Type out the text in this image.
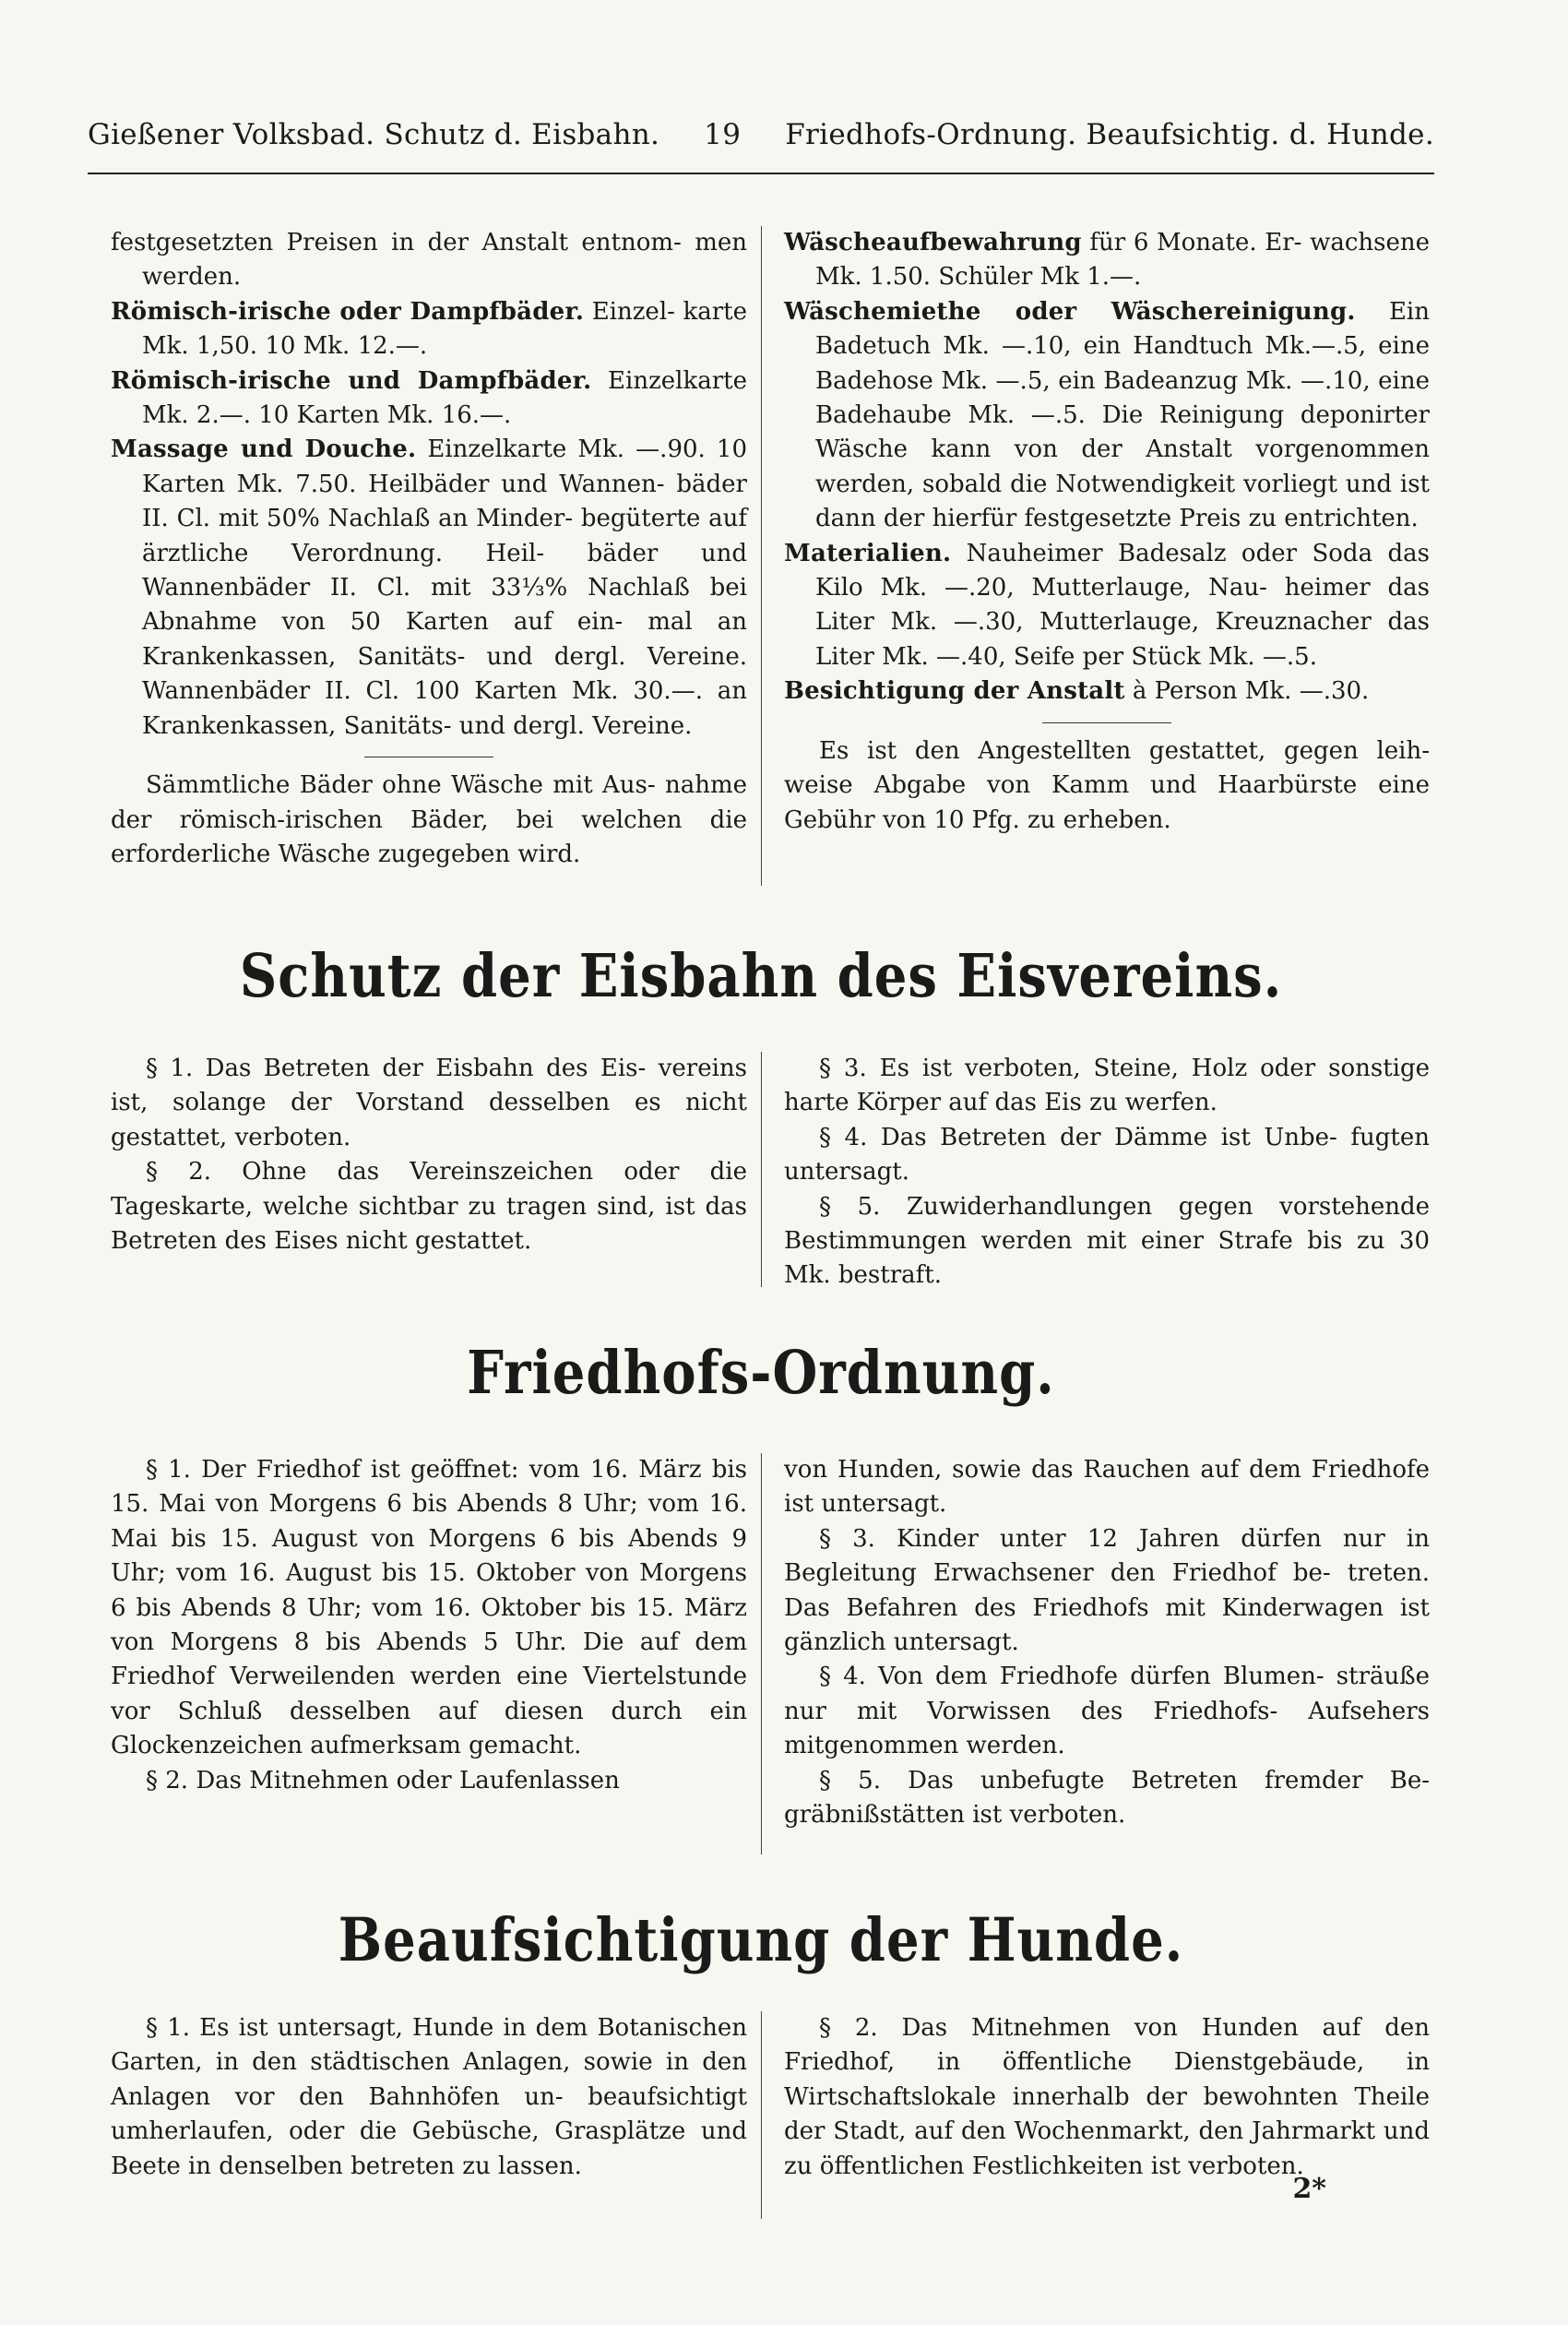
Gießener Volksbad. Schutz d. Eisbahn. 19 Friedhofs-Ordnung. Beaufsichtig. d. Hunde.

festgesetzten Preisen in der Anstalt entnom- men werden.

Römisch-irische oder Dampfbäder. Einzel- karte Mk. 1,50. 10 Mk. 12.—.

Römisch-irische und Dampfbäder. Einzelkarte Mk. 2.—. 10 Karten Mk. 16.—.

Massage und Douche. Einzelkarte Mk. —.90. 10 Karten Mk. 7.50. Heilbäder und Wannen- bäder II. Cl. mit 50% Nachlaß an Minder- begüterte auf ärztliche Verordnung. Heil- bäder und Wannenbäder II. Cl. mit 33⅓% Nachlaß bei Abnahme von 50 Karten auf ein- mal an Krankenkassen, Sanitäts- und dergl. Vereine. Wannenbäder II. Cl. 100 Karten Mk. 30.—. an Krankenkassen, Sanitäts- und dergl. Vereine.

Sämmtliche Bäder ohne Wäsche mit Aus- nahme der römisch-irischen Bäder, bei welchen die erforderliche Wäsche zugegeben wird.

Wäscheaufbewahrung für 6 Monate. Er- wachsene Mk. 1.50. Schüler Mk 1.—.

Wäschemiethe oder Wäschereinigung. Ein Badetuch Mk. —.10, ein Handtuch Mk.—.5, eine Badehose Mk. —.5, ein Badeanzug Mk. —.10, eine Badehaube Mk. —.5. Die Reinigung deponirter Wäsche kann von der Anstalt vorgenommen werden, sobald die Notwendigkeit vorliegt und ist dann der hierfür festgesetzte Preis zu entrichten.

Materialien. Nauheimer Badesalz oder Soda das Kilo Mk. —.20, Mutterlauge, Nau- heimer das Liter Mk. —.30, Mutterlauge, Kreuznacher das Liter Mk. —.40, Seife per Stück Mk. —.5.

Besichtigung der Anstalt à Person Mk. —.30.

Es ist den Angestellten gestattet, gegen leih- weise Abgabe von Kamm und Haarbürste eine Gebühr von 10 Pfg. zu erheben.

Schutz der Eisbahn des Eisvereins.

§ 1. Das Betreten der Eisbahn des Eis- vereins ist, solange der Vorstand desselben es nicht gestattet, verboten.

§ 2. Ohne das Vereinszeichen oder die Tageskarte, welche sichtbar zu tragen sind, ist das Betreten des Eises nicht gestattet.

§ 3. Es ist verboten, Steine, Holz oder sonstige harte Körper auf das Eis zu werfen.

§ 4. Das Betreten der Dämme ist Unbe- fugten untersagt.

§ 5. Zuwiderhandlungen gegen vorstehende Bestimmungen werden mit einer Strafe bis zu 30 Mk. bestraft.

Friedhofs-Ordnung.

§ 1. Der Friedhof ist geöffnet: vom 16. März bis 15. Mai von Morgens 6 bis Abends 8 Uhr; vom 16. Mai bis 15. August von Morgens 6 bis Abends 9 Uhr; vom 16. August bis 15. Oktober von Morgens 6 bis Abends 8 Uhr; vom 16. Oktober bis 15. März von Morgens 8 bis Abends 5 Uhr. Die auf dem Friedhof Verweilenden werden eine Viertelstunde vor Schluß desselben auf diesen durch ein Glockenzeichen aufmerksam gemacht.

§ 2. Das Mitnehmen oder Laufenlassen

von Hunden, sowie das Rauchen auf dem Friedhofe ist untersagt.

§ 3. Kinder unter 12 Jahren dürfen nur in Begleitung Erwachsener den Friedhof be- treten. Das Befahren des Friedhofs mit Kinderwagen ist gänzlich untersagt.

§ 4. Von dem Friedhofe dürfen Blumen- sträuße nur mit Vorwissen des Friedhofs- Aufsehers mitgenommen werden.

§ 5. Das unbefugte Betreten fremder Be- gräbnißstätten ist verboten.

Beaufsichtigung der Hunde.

§ 1. Es ist untersagt, Hunde in dem Botanischen Garten, in den städtischen Anlagen, sowie in den Anlagen vor den Bahnhöfen un- beaufsichtigt umherlaufen, oder die Gebüsche, Grasplätze und Beete in denselben betreten zu lassen.

§ 2. Das Mitnehmen von Hunden auf den Friedhof, in öffentliche Dienstgebäude, in Wirtschaftslokale innerhalb der bewohnten Theile der Stadt, auf den Wochenmarkt, den Jahrmarkt und zu öffentlichen Festlichkeiten ist verboten.

2*
